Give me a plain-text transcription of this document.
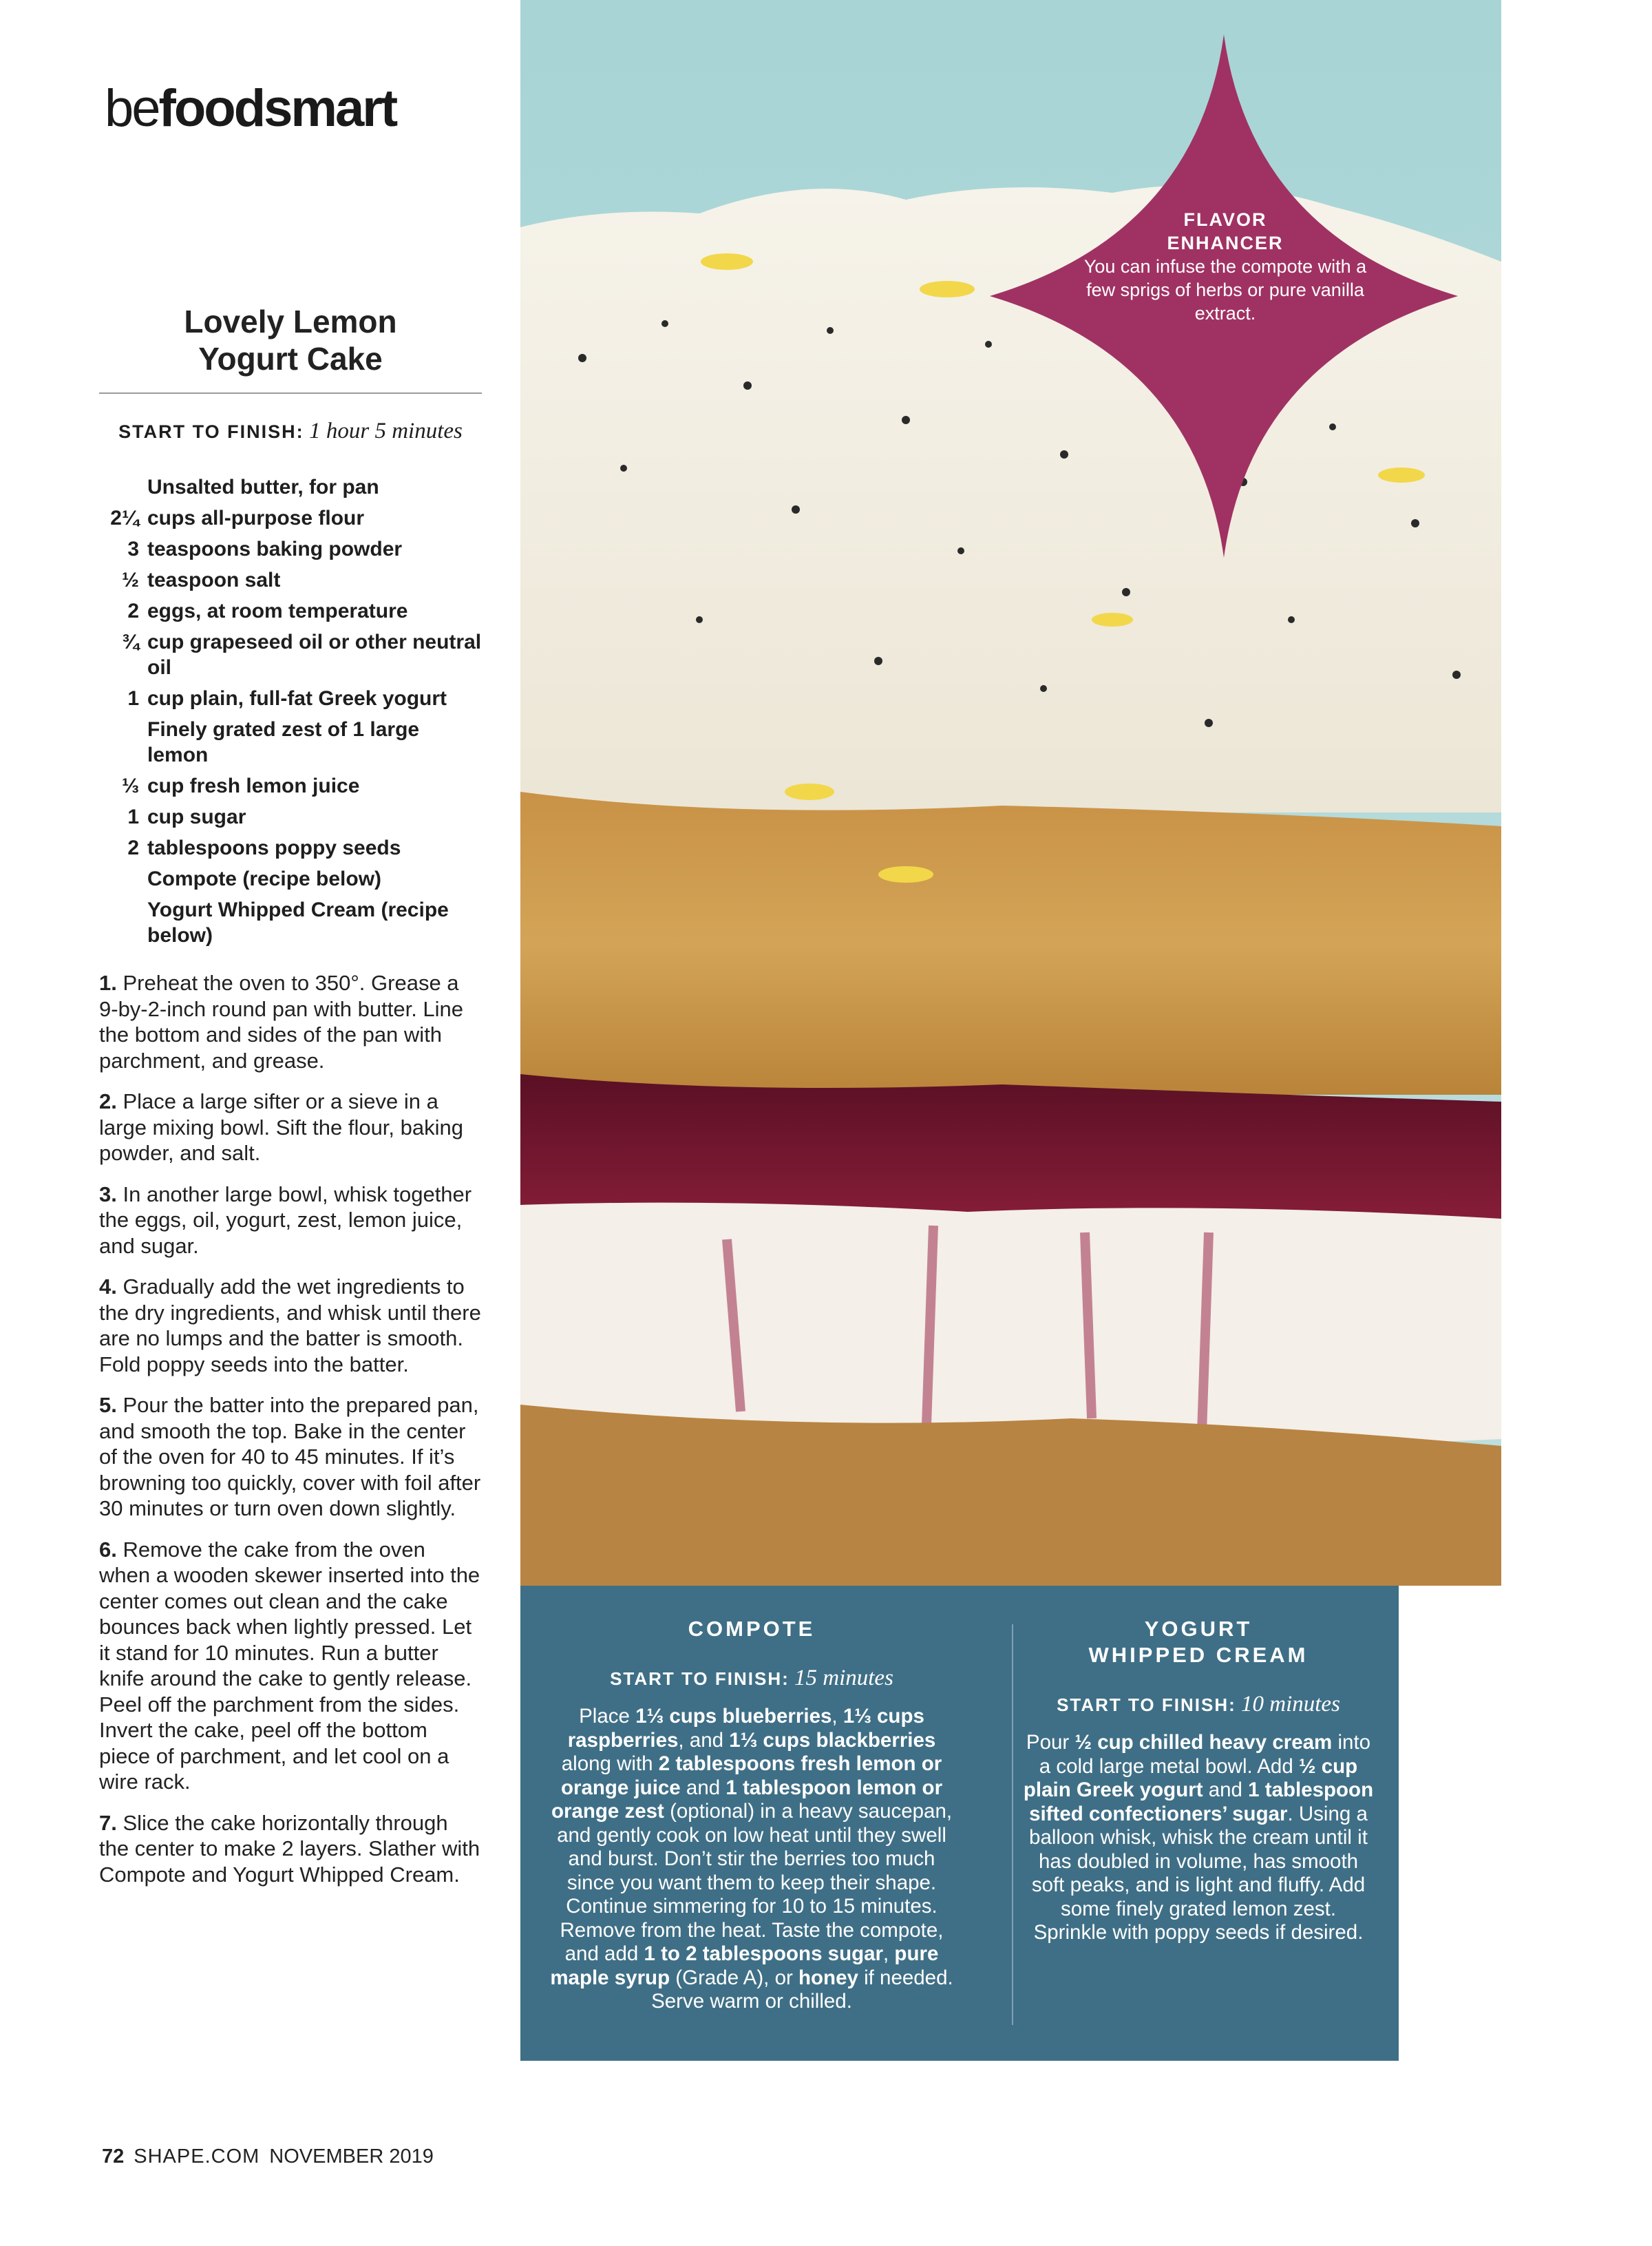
befoodsmart
Lovely Lemon
Yogurt Cake
START TO FINISH: 1 hour 5 minutes
Unsalted butter, for pan
2¼ cups all-purpose flour
3 teaspoons baking powder
½ teaspoon salt
2 eggs, at room temperature
¾ cup grapeseed oil or other neutral oil
1 cup plain, full-fat Greek yogurt
Finely grated zest of 1 large lemon
⅓ cup fresh lemon juice
1 cup sugar
2 tablespoons poppy seeds
Compote (recipe below)
Yogurt Whipped Cream (recipe below)

1. Preheat the oven to 350°. Grease a 9-by-2-inch round pan with butter. Line the bottom and sides of the pan with parchment, and grease.

2. Place a large sifter or a sieve in a large mixing bowl. Sift the flour, baking powder, and salt.

3. In another large bowl, whisk together the eggs, oil, yogurt, zest, lemon juice, and sugar.

4. Gradually add the wet ingredients to the dry ingredients, and whisk until there are no lumps and the batter is smooth. Fold poppy seeds into the batter.

5. Pour the batter into the prepared pan, and smooth the top. Bake in the center of the oven for 40 to 45 minutes. If it’s browning too quickly, cover with foil after 30 minutes or turn oven down slightly.

6. Remove the cake from the oven when a wooden skewer inserted into the center comes out clean and the cake bounces back when lightly pressed. Let it stand for 10 minutes. Run a butter knife around the cake to gently release. Peel off the parchment from the sides. Invert the cake, peel off the bottom piece of parchment, and let cool on a wire rack.

7. Slice the cake horizontally through the center to make 2 layers. Slather with Compote and Yogurt Whipped Cream.

FLAVOR
ENHANCER
You can infuse the compote with a few sprigs of herbs or pure vanilla extract.
COMPOTE
START TO FINISH: 15 minutes
Place 1⅓ cups blueberries, 1⅓ cups raspberries, and 1⅓ cups blackberries along with 2 tablespoons fresh lemon or orange juice and 1 tablespoon lemon or orange zest (optional) in a heavy saucepan, and gently cook on low heat until they swell and burst. Don’t stir the berries too much since you want them to keep their shape. Continue simmering for 10 to 15 minutes. Remove from the heat. Taste the compote, and add 1 to 2 tablespoons sugar, pure maple syrup (Grade A), or honey if needed. Serve warm or chilled.
YOGURT
WHIPPED CREAM
START TO FINISH: 10 minutes
Pour ½ cup chilled heavy cream into a cold large metal bowl. Add ½ cup plain Greek yogurt and 1 tablespoon sifted confectioners’ sugar. Using a balloon whisk, whisk the cream until it has doubled in volume, has smooth soft peaks, and is light and fluffy. Add some finely grated lemon zest. Sprinkle with poppy seeds if desired.
72 SHAPE.COM NOVEMBER 2019
